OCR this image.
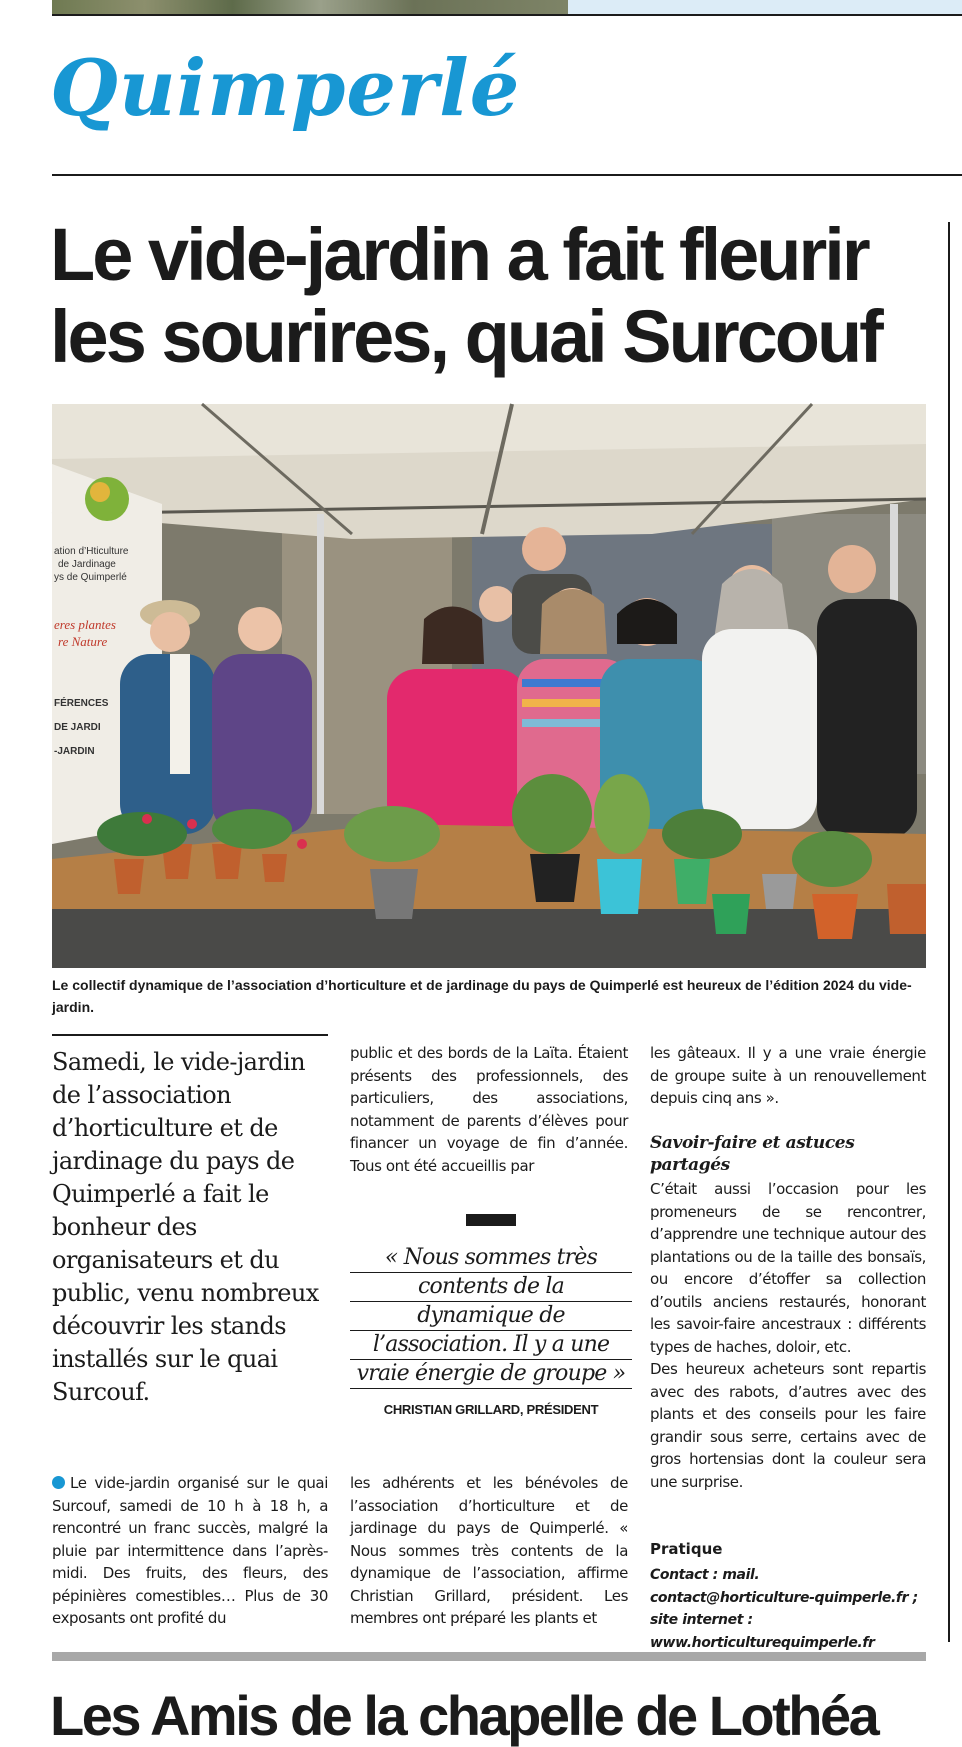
Quimperlé
Le vide-jardin a fait fleurir
les sourires, quai Surcouf
ation d’Hticulture
de Jardinage
ys de Quimperlé
eres plantes
re Nature
FÉRENCES
DE JARDI
-JARDIN
Le collectif dynamique de l’association d’horticulture et de jardinage du pays de Quimperlé est heureux de l’édition 2024 du vide-jardin.
Samedi, le vide-jardin de l’association d’horticulture et de jardinage du pays de Quimperlé a fait le bonheur des organisateurs et du public, venu nombreux découvrir les stands installés sur le quai Surcouf.
public et des bords de la Laïta. Étaient présents des professionnels, des particuliers, des associations, notamment de parents d’élèves pour financer un voyage de fin d’année. Tous ont été accueillis par
les gâteaux. Il y a une vraie énergie de groupe suite à un renouvellement depuis cinq ans ».
« Nous sommes très
contents de la
dynamique de
l’association. Il y a une
vraie énergie de groupe »
CHRISTIAN GRILLARD, PRÉSIDENT
Le vide-jardin organisé sur le quai Surcouf, samedi de 10 h à 18 h, a rencontré un franc succès, malgré la pluie par intermittence dans l’après-midi. Des fruits, des fleurs, des pépinières comestibles… Plus de 30 exposants ont profité du
les adhérents et les bénévoles de l’association d’horticulture et de jardinage du pays de Quimperlé. « Nous sommes très contents de la dynamique de l’association, affirme Christian Grillard, président. Les membres ont préparé les plants et
Savoir-faire et astuces partagés
C’était aussi l’occasion pour les promeneurs de se rencontrer, d’apprendre une technique autour des plantations ou de la taille des bonsaïs, ou encore d’étoffer sa collection d’outils anciens restaurés, honorant les savoir-faire ancestraux : différents types de haches, doloir, etc.
Des heureux acheteurs sont repartis avec des rabots, d’autres avec des plants et des conseils pour les faire grandir sous serre, certains avec de gros hortensias dont la couleur sera une surprise.
Pratique
Contact : mail. contact@horticulture-quimperle.fr ; site internet : www.horticulturequimperle.fr
Les Amis de la chapelle de Lothéa
